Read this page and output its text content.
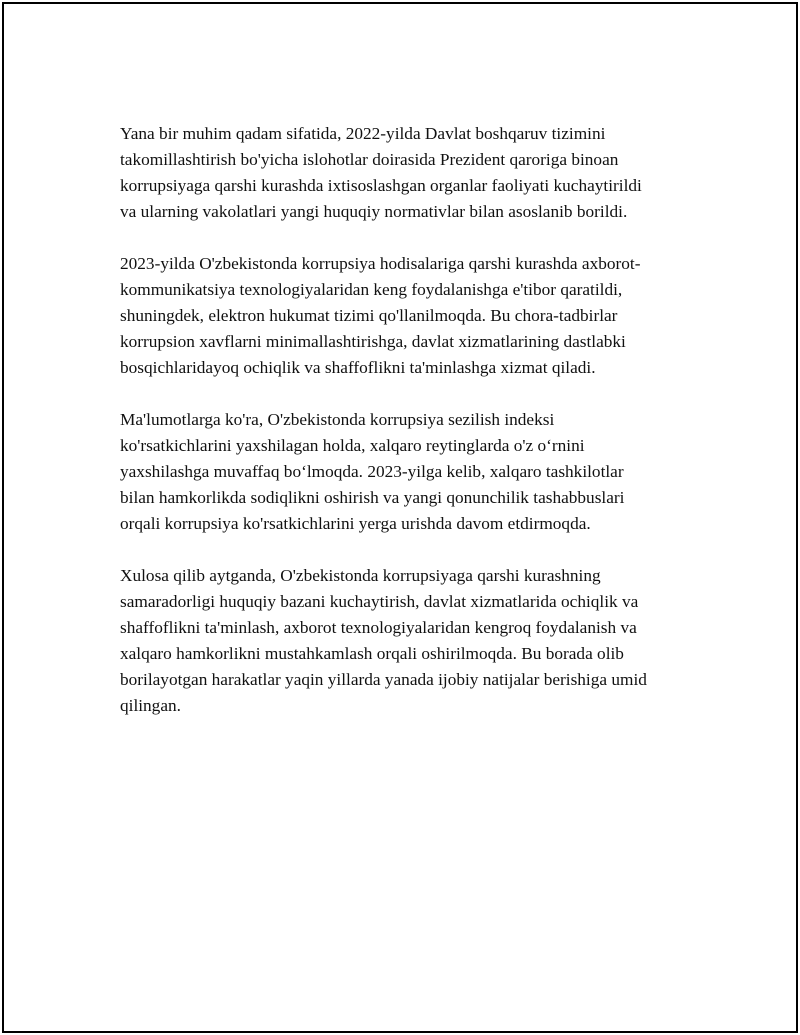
Yana bir muhim qadam sifatida, 2022-yilda Davlat boshqaruv tizimini
takomillashtirish bo'yicha islohotlar doirasida Prezident qaroriga binoan
korrupsiyaga qarshi kurashda ixtisoslashgan organlar faoliyati kuchaytirildi
va ularning vakolatlari yangi huquqiy normativlar bilan asoslanib borildi.

2023-yilda O'zbekistonda korrupsiya hodisalariga qarshi kurashda axborot-
kommunikatsiya texnologiyalaridan keng foydalanishga e'tibor qaratildi,
shuningdek, elektron hukumat tizimi qo'llanilmoqda. Bu chora-tadbirlar
korrupsion xavflarni minimallashtirishga, davlat xizmatlarining dastlabki
bosqichlaridayoq ochiqlik va shaffoflikni ta'minlashga xizmat qiladi.

Ma'lumotlarga ko'ra, O'zbekistonda korrupsiya sezilish indeksi
ko'rsatkichlarini yaxshilagan holda, xalqaro reytinglarda o'z o‘rnini
yaxshilashga muvaffaq bo‘lmoqda. 2023-yilga kelib, xalqaro tashkilotlar
bilan hamkorlikda sodiqlikni oshirish va yangi qonunchilik tashabbuslari
orqali korrupsiya ko'rsatkichlarini yerga urishda davom etdirmoqda.

Xulosa qilib aytganda, O'zbekistonda korrupsiyaga qarshi kurashning
samaradorligi huquqiy bazani kuchaytirish, davlat xizmatlarida ochiqlik va
shaffoflikni ta'minlash, axborot texnologiyalaridan kengroq foydalanish va
xalqaro hamkorlikni mustahkamlash orqali oshirilmoqda. Bu borada olib
borilayotgan harakatlar yaqin yillarda yanada ijobiy natijalar berishiga umid
qilingan.
